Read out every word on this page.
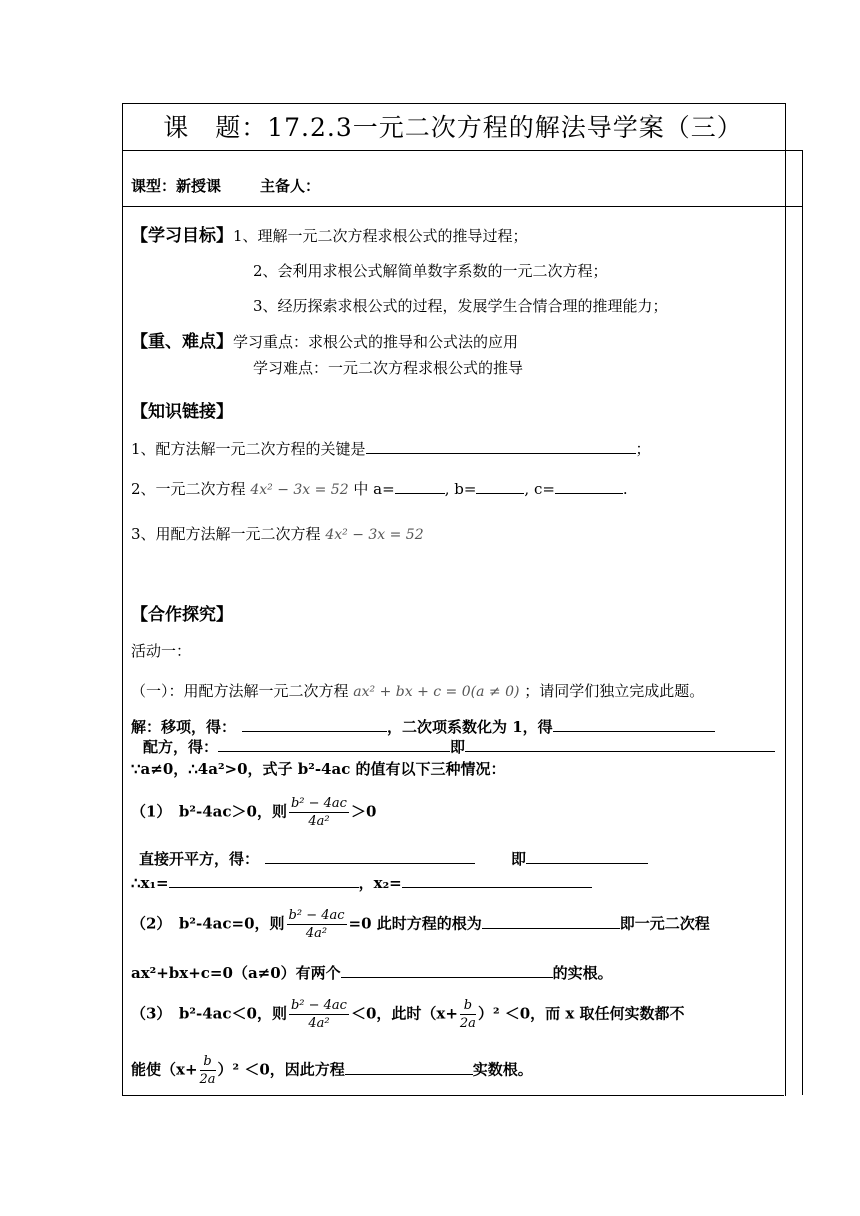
课　题：17.2.3一元二次方程的解法导学案（三）
课型：新授课	主备人：
【学习目标】1、理解一元二次方程求根公式的推导过程；
2、会利用求根公式解简单数字系数的一元二次方程；
3、经历探索求根公式的过程，发展学生合情合理的推理能力；
【重、难点】学习重点：求根公式的推导和公式法的应用
学习难点：一元二次方程求根公式的推导
【知识链接】
1、配方法解一元二次方程的关键是	；
2、一元二次方程 4x² − 3x = 52 中 a=	, b=	, c=	.
3、用配方法解一元二次方程 4x² − 3x = 52
【合作探究】
活动一：
（一）：用配方法解一元二次方程 ax² + bx + c = 0(a ≠ 0) ；请同学们独立完成此题。
解：移项，得：	，二次项系数化为 1，得
配方，得：	即
∵a≠0，∴4a²>0，式子 b²-4ac 的值有以下三种情况：
（1）　b²-4ac＞0，则 $\frac{\text{b² − 4ac}}{\text{4a²}} >0$
直接开平方，得：	即
∴x₁=	，x₂=
（2）　b²-4ac=0，则 $\frac{\text{b² − 4ac}}{\text{4a²}} =0$ 此时方程的根为	即一元二次程
ax²+bx+c=0（a≠0）有两个	的实根。
（3）　b²-4ac＜0，则 $\frac{\text{b² − 4ac}}{\text{4a²}} <0$，此时$(x+ \frac{b}{2a} )^2 <0$，而 x 取任何实数都不
能使$(x+ \frac{b}{2a} )^2 <0$，因此方程	实数根。
